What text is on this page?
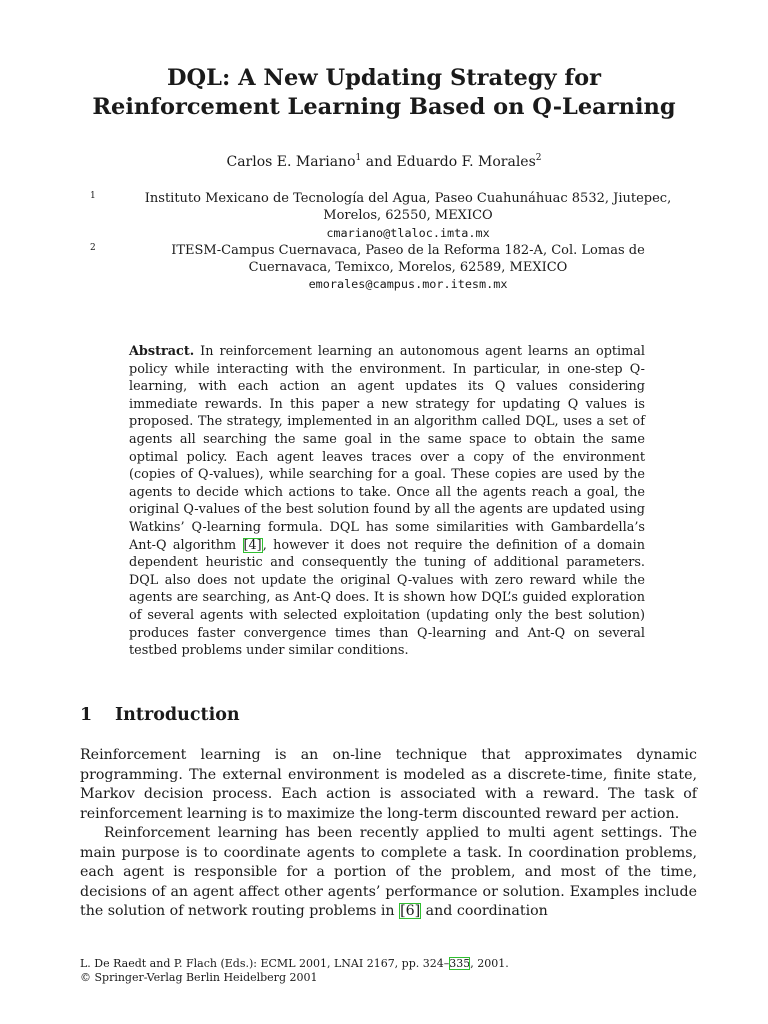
DQL: A New Updating Strategy for
Reinforcement Learning Based on Q-Learning
Carlos E. Mariano$^1$ and Eduardo F. Morales$^2$
1	Instituto Mexicano de Tecnología del Agua, Paseo Cuahunáhuac 8532, Jiutepec,
Morelos, 62550, MEXICO
cmariano@tlaloc.imta.mx
2	ITESM-Campus Cuernavaca, Paseo de la Reforma 182-A, Col. Lomas de
Cuernavaca, Temixco, Morelos, 62589, MEXICO
emorales@campus.mor.itesm.mx

Abstract. In reinforcement learning an autonomous agent learns an optimal policy while interacting with the environment. In particular, in one-step Q-learning, with each action an agent updates its Q values considering immediate rewards. In this paper a new strategy for updating Q values is proposed. The strategy, implemented in an algorithm called DQL, uses a set of agents all searching the same goal in the same space to obtain the same optimal policy. Each agent leaves traces over a copy of the environment (copies of Q-values), while searching for a goal. These copies are used by the agents to decide which actions to take. Once all the agents reach a goal, the original Q-values of the best solution found by all the agents are updated using Watkins’ Q-learning formula. DQL has some similarities with Gambardella’s Ant-Q algorithm [4], however it does not require the definition of a domain dependent heuristic and consequently the tuning of additional parameters. DQL also does not update the original Q-values with zero reward while the agents are searching, as Ant-Q does. It is shown how DQL’s guided exploration of several agents with selected exploitation (updating only the best solution) produces faster convergence times than Q-learning and Ant-Q on several testbed problems under similar conditions.

1 Introduction

Reinforcement learning is an on-line technique that approximates dynamic programming. The external environment is modeled as a discrete-time, finite state, Markov decision process. Each action is associated with a reward. The task of reinforcement learning is to maximize the long-term discounted reward per action.

Reinforcement learning has been recently applied to multi agent settings. The main purpose is to coordinate agents to complete a task. In coordination problems, each agent is responsible for a portion of the problem, and most of the time, decisions of an agent affect other agents’ performance or solution. Examples include the solution of network routing problems in [6] and coordination

L. De Raedt and P. Flach (Eds.): ECML 2001, LNAI 2167, pp. 324–335, 2001.
© Springer-Verlag Berlin Heidelberg 2001
